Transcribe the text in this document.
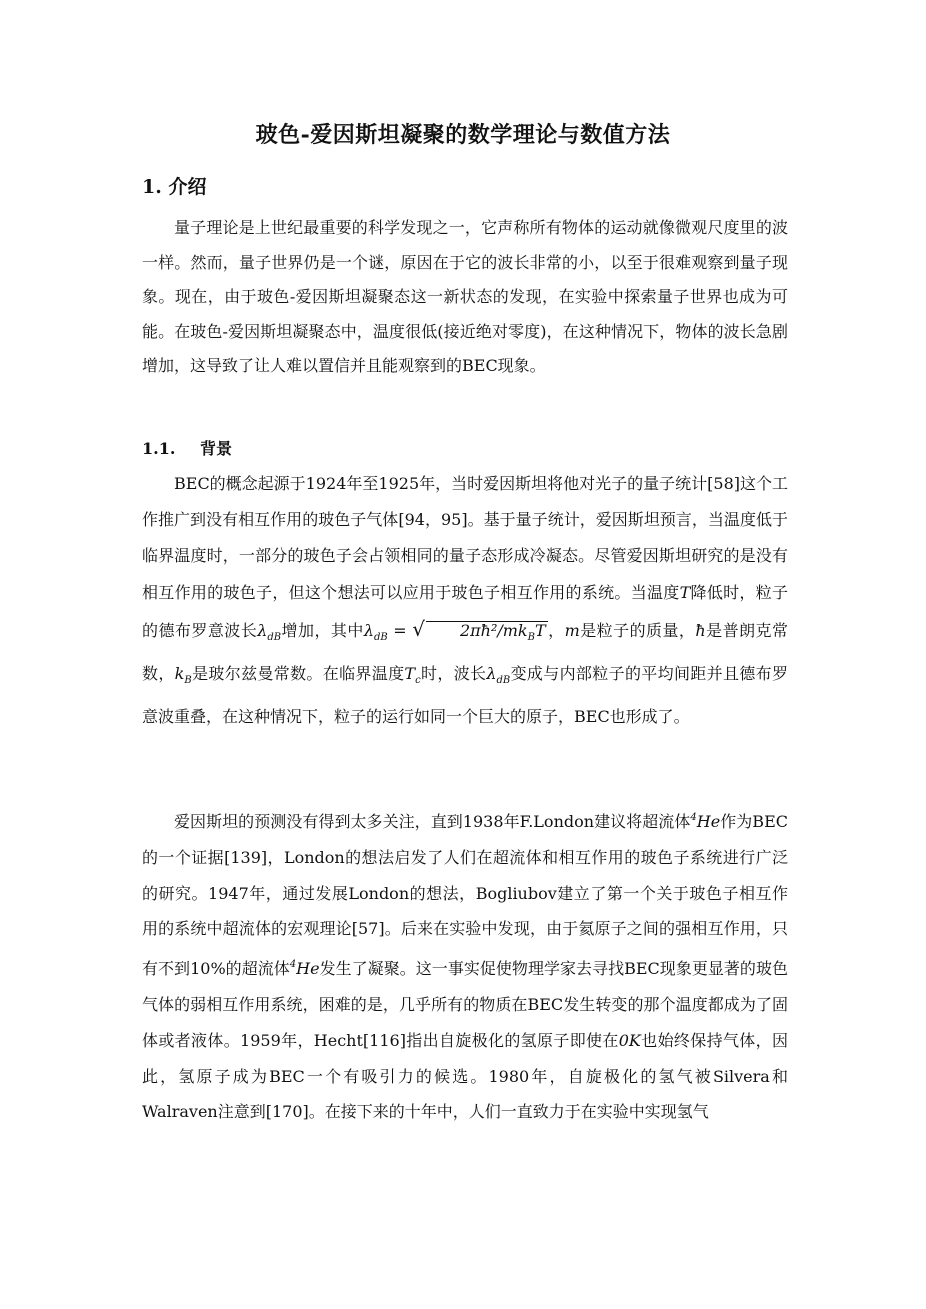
玻色-爱因斯坦凝聚的数学理论与数值方法
1. 介绍

量子理论是上世纪最重要的科学发现之一，它声称所有物体的运动就像微观尺度里的波一样。然而，量子世界仍是一个谜，原因在于它的波长非常的小，以至于很难观察到量子现象。现在，由于玻色-爱因斯坦凝聚态这一新状态的发现，在实验中探索量子世界也成为可能。在玻色-爱因斯坦凝聚态中，温度很低(接近绝对零度)，在这种情况下，物体的波长急剧增加，这导致了让人难以置信并且能观察到的BEC现象。

1.1. 背景

BEC的概念起源于1924年至1925年，当时爱因斯坦将他对光子的量子统计[58]这个工作推广到没有相互作用的玻色子气体[94，95]。基于量子统计，爱因斯坦预言，当温度低于临界温度时，一部分的玻色子会占领相同的量子态形成冷凝态。尽管爱因斯坦研究的是没有相互作用的玻色子，但这个想法可以应用于玻色子相互作用的系统。当温度T降低时，粒子的德布罗意波长$\lambda_{dB}$增加，其中$\lambda_{dB}$ = √ $2\pi ħ^2/mk_BT$ ，m是粒子的质量，ħ是普朗克常数，$k_B$是玻尔兹曼常数。在临界温度$T_c$时，波长$\lambda_{dB}$变成与内部粒子的平均间距并且德布罗意波重叠，在这种情况下，粒子的运行如同一个巨大的原子，BEC也形成了。

爱因斯坦的预测没有得到太多关注，直到1938年F.London建议将超流体$^4$He作为BEC的一个证据[139]，London的想法启发了人们在超流体和相互作用的玻色子系统进行广泛的研究。1947年，通过发展London的想法，Bogliubov建立了第一个关于玻色子相互作用的系统中超流体的宏观理论[57]。后来在实验中发现，由于氦原子之间的强相互作用，只有不到10%的超流体$^4$He发生了凝聚。这一事实促使物理学家去寻找BEC现象更显著的玻色气体的弱相互作用系统，困难的是，几乎所有的物质在BEC发生转变的那个温度都成为了固体或者液体。1959年，Hecht[116]指出自旋极化的氢原子即使在0K也始终保持气体，因此，氢原子成为BEC一个有吸引力的候选。1980年，自旋极化的氢气被Silvera和Walraven注意到[170]。在接下来的十年中，人们一直致力于在实验中实现氢气
